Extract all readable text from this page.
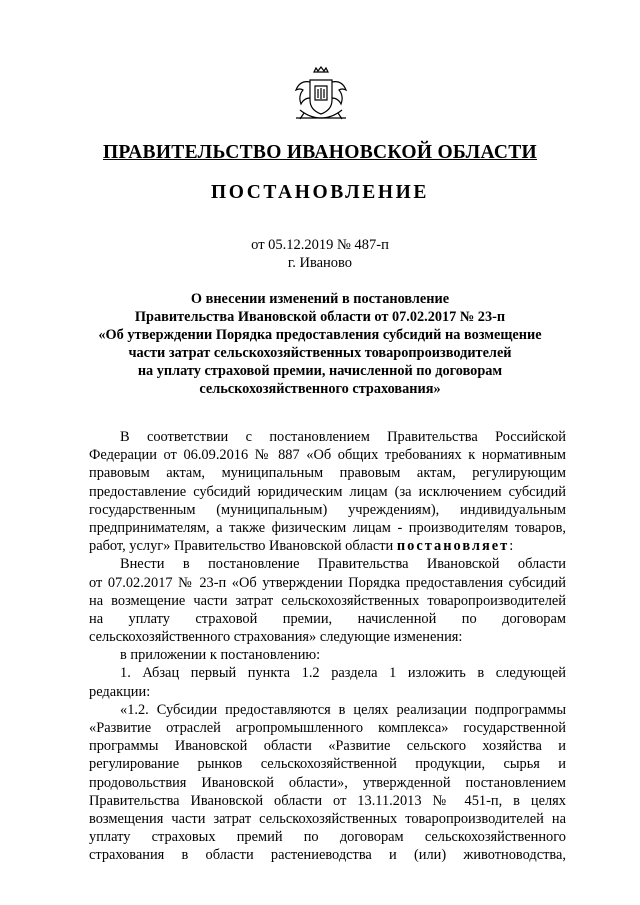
ПРАВИТЕЛЬСТВО ИВАНОВСКОЙ ОБЛАСТИ
ПОСТАНОВЛЕНИЕ
от 05.12.2019 № 487-п
г. Иваново
О внесении изменений в постановление
Правительства Ивановской области от 07.02.2017 № 23-п
«Об утверждении Порядка предоставления субсидий на возмещение
части затрат сельскохозяйственных товаропроизводителей
на уплату страховой премии, начисленной по договорам
сельскохозяйственного страхования»
В соответствии с постановлением Правительства Российской
Федерации от 06.09.2016 № 887 «Об общих требованиях к нормативным
правовым актам, муниципальным правовым актам, регулирующим
предоставление субсидий юридическим лицам (за исключением субсидий
государственным (муниципальным) учреждениям), индивидуальным
предпринимателям, а также физическим лицам - производителям товаров,
работ, услуг» Правительство Ивановской области постановляет:
Внести в постановление Правительства Ивановской области
от 07.02.2017 № 23-п «Об утверждении Порядка предоставления субсидий
на возмещение части затрат сельскохозяйственных товаропроизводителей
на уплату страховой премии, начисленной по договорам
сельскохозяйственного страхования» следующие изменения:
в приложении к постановлению:
1. Абзац первый пункта 1.2 раздела 1 изложить в следующей
редакции:
«1.2. Субсидии предоставляются в целях реализации подпрограммы
«Развитие отраслей агропромышленного комплекса» государственной
программы Ивановской области «Развитие сельского хозяйства и
регулирование рынков сельскохозяйственной продукции, сырья и
продовольствия Ивановской области», утвержденной постановлением
Правительства Ивановской области от 13.11.2013 № 451-п, в целях
возмещения части затрат сельскохозяйственных товаропроизводителей на
уплату страховых премий по договорам сельскохозяйственного
страхования в области растениеводства и (или) животноводства,
